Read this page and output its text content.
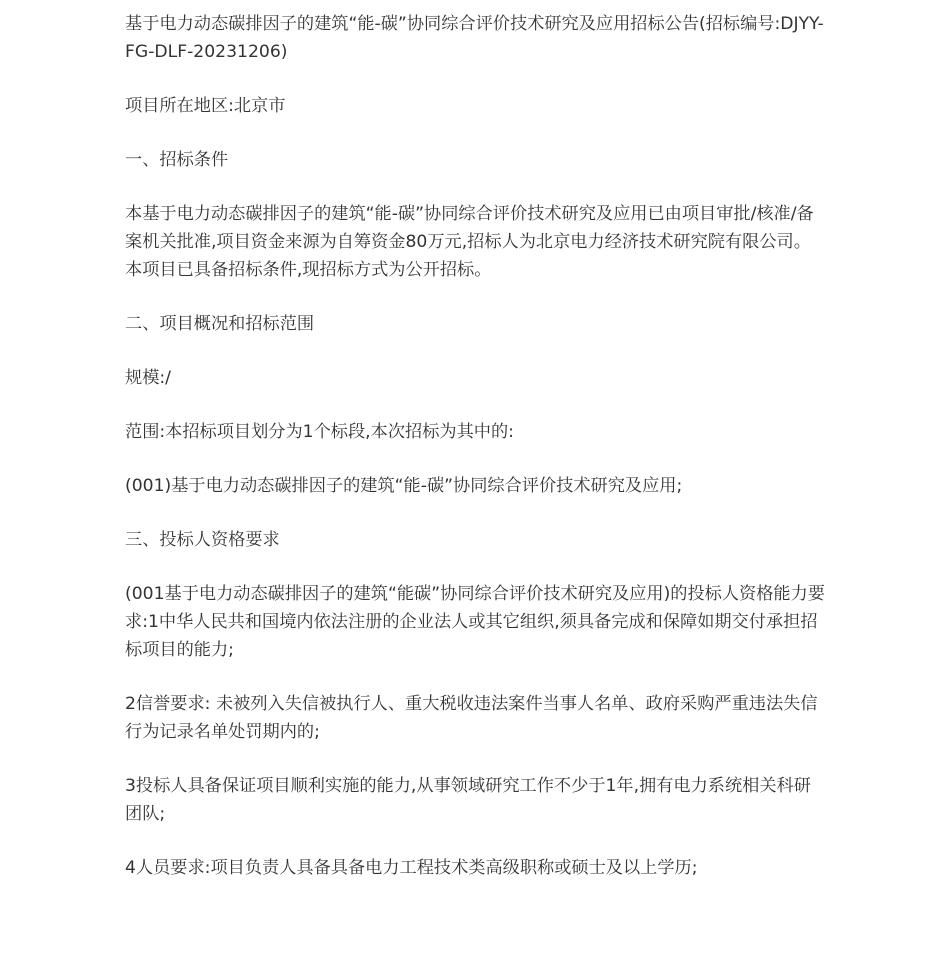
基于电力动态碳排因子的建筑“能-碳”协同综合评价技术研究及应用招标公告(招标编号:DJYY-FG-DLF-20231206)

项目所在地区:北京市

一、招标条件

本基于电力动态碳排因子的建筑“能-碳”协同综合评价技术研究及应用已由项目审批/核准/备案机关批准,项目资金来源为自筹资金80万元,招标人为北京电力经济技术研究院有限公司。本项目已具备招标条件,现招标方式为公开招标。

二、项目概况和招标范围

规模:/

范围:本招标项目划分为1个标段,本次招标为其中的:

(001)基于电力动态碳排因子的建筑“能-碳”协同综合评价技术研究及应用;

三、投标人资格要求

(001基于电力动态碳排因子的建筑“能碳”协同综合评价技术研究及应用)的投标人资格能力要求:1中华人民共和国境内依法注册的企业法人或其它组织,须具备完成和保障如期交付承担招标项目的能力;

2信誉要求: 未被列入失信被执行人、重大税收违法案件当事人名单、政府采购严重违法失信行为记录名单处罚期内的;

3投标人具备保证项目顺利实施的能力,从事领域研究工作不少于1年,拥有电力系统相关科研团队;

4人员要求:项目负责人具备具备电力工程技术类高级职称或硕士及以上学历;
